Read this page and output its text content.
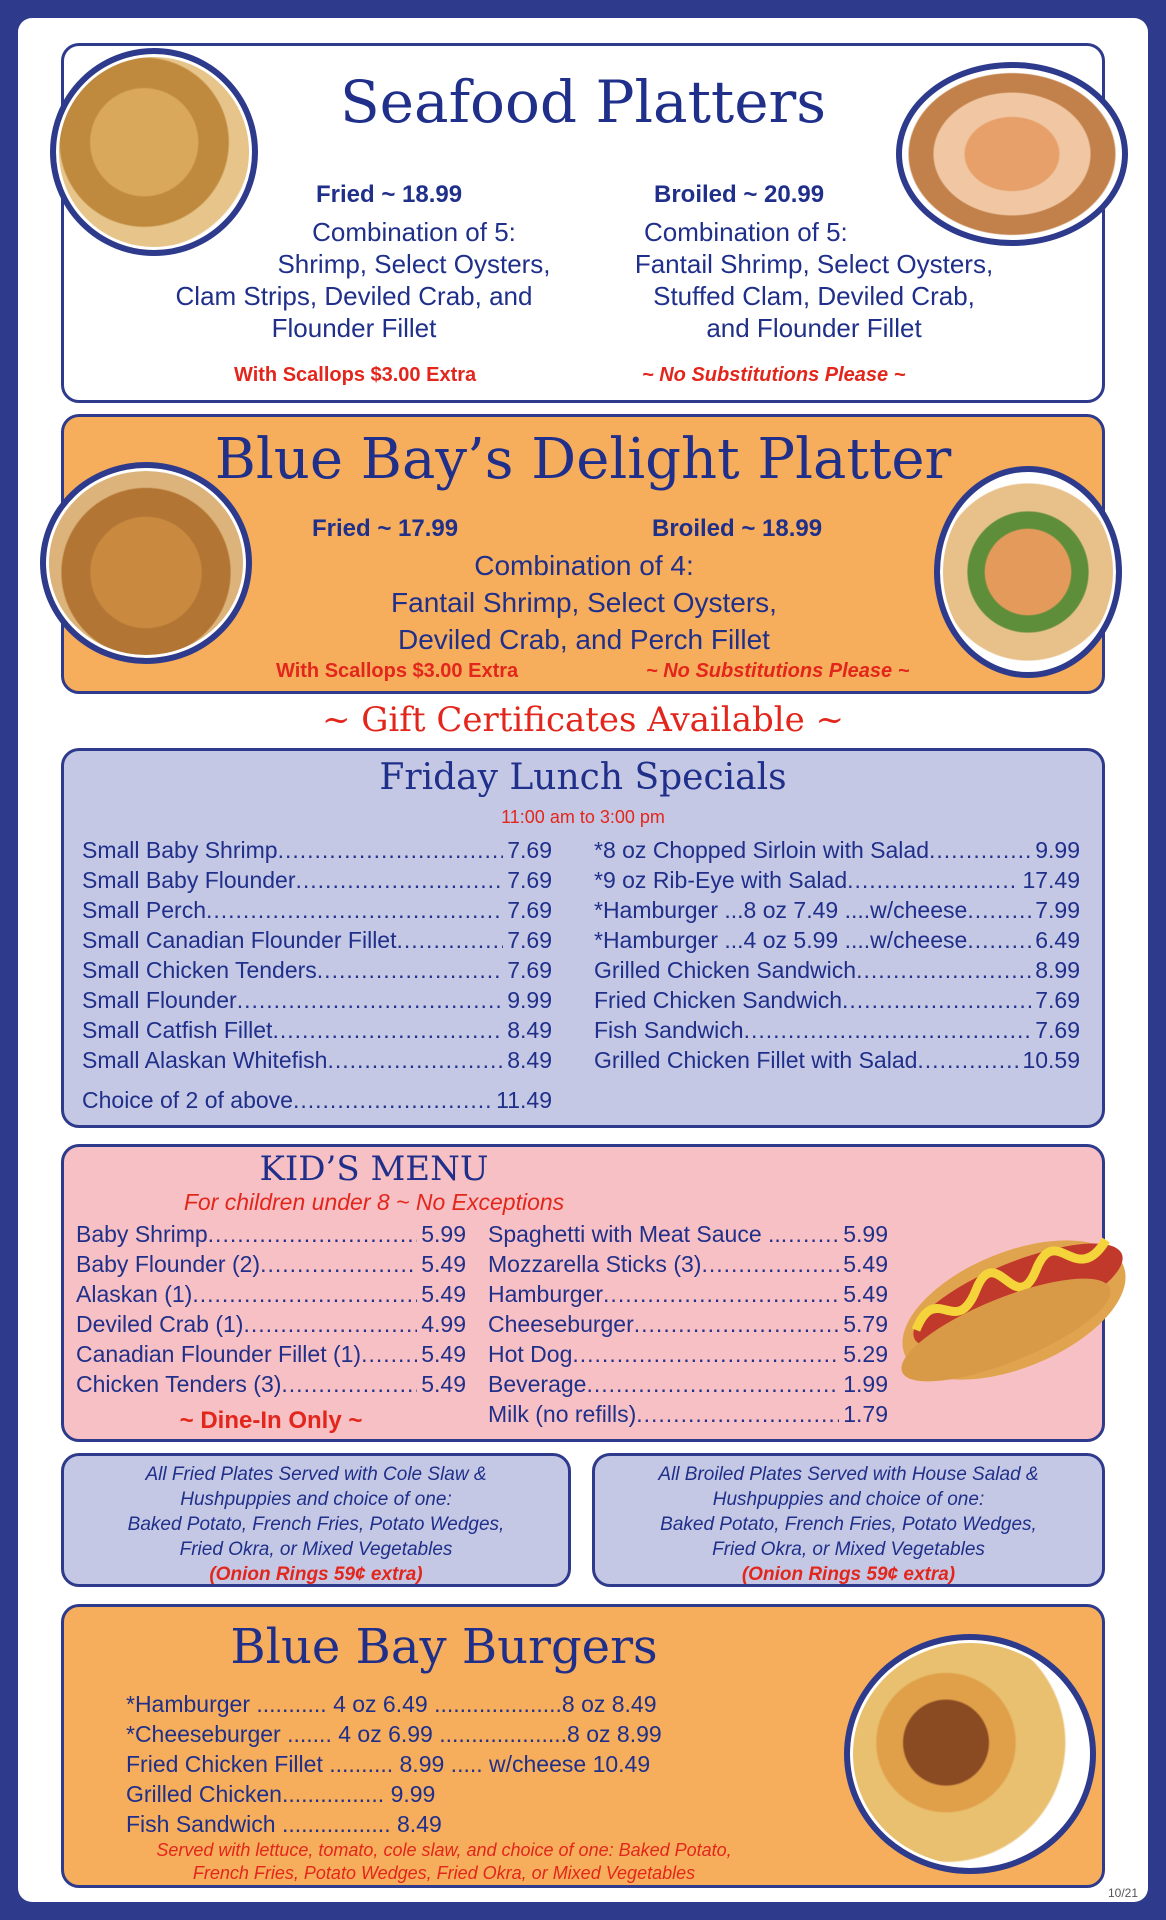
Seafood Platters
Fried ~ 18.99	Broiled ~ 20.99
Combination of 5:
Shrimp, Select Oysters,
Clam Strips, Deviled Crab, and
Flounder Fillet
Combination of 5:
Fantail Shrimp, Select Oysters,
Stuffed Clam, Deviled Crab,
and Flounder Fillet
With Scallops $3.00 Extra	~ No Substitutions Please ~
Blue Bay’s Delight Platter
Fried ~ 17.99	Broiled ~ 18.99
Combination of 4:
Fantail Shrimp, Select Oysters,
Deviled Crab, and Perch Fillet
With Scallops $3.00 Extra	~ No Substitutions Please ~
~ Gift Certificates Available ~
Friday Lunch Specials
11:00 am to 3:00 pm
Small Baby Shrimp .....	7.69
Small Baby Flounder .....	7.69
Small Perch .....	7.69
Small Canadian Flounder Fillet .....	7.69
Small Chicken Tenders .....	7.69
Small Flounder .....	9.99
Small Catfish Fillet .....	8.49
Small Alaskan Whitefish .....	8.49
Choice of 2 of above .....	11.49
*8 oz Chopped Sirloin with Salad .....	9.99
*9 oz Rib-Eye with Salad .....	17.49
*Hamburger ...8 oz 7.49 ....w/cheese .....	7.99
*Hamburger ...4 oz 5.99 ....w/cheese .....	6.49
Grilled Chicken Sandwich .....	8.99
Fried Chicken Sandwich .....	7.69
Fish Sandwich .....	7.69
Grilled Chicken Fillet with Salad .....	10.59
KID’S MENU
For children under 8 ~ No Exceptions
Baby Shrimp .....	5.99
Baby Flounder (2) .....	5.49
Alaskan (1) .....	5.49
Deviled Crab (1) .....	4.99
Canadian Flounder Fillet (1) .....	5.49
Chicken Tenders (3) .....	5.49
~ Dine-In Only ~
Spaghetti with Meat Sauce .. .....	5.99
Mozzarella Sticks (3) .....	5.49
Hamburger .....	5.49
Cheeseburger .....	5.79
Hot Dog .....	5.29
Beverage .....	1.99
Milk (no refills) .....	1.79
All Fried Plates Served with Cole Slaw &
Hushpuppies and choice of one:
Baked Potato, French Fries, Potato Wedges,
Fried Okra, or Mixed Vegetables
(Onion Rings 59¢ extra)
All Broiled Plates Served with House Salad &
Hushpuppies and choice of one:
Baked Potato, French Fries, Potato Wedges,
Fried Okra, or Mixed Vegetables
(Onion Rings 59¢ extra)
Blue Bay Burgers
*Hamburger ........... 4 oz 6.49 ....................8 oz 8.49
*Cheeseburger ....... 4 oz 6.99 ....................8 oz 8.99
Fried Chicken Fillet .......... 8.99 ..... w/cheese 10.49
Grilled Chicken................ 9.99
Fish Sandwich ................. 8.49
Served with lettuce, tomato, cole slaw, and choice of one: Baked Potato,
French Fries, Potato Wedges, Fried Okra, or Mixed Vegetables
10/21
